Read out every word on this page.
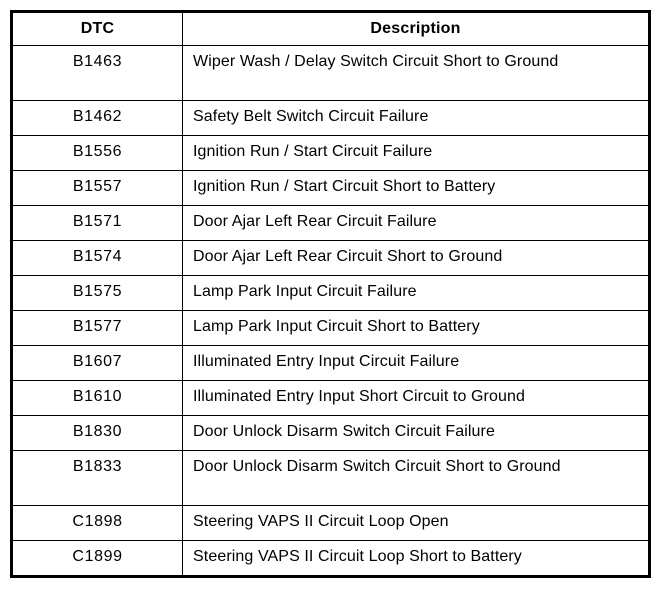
DTC	Description
B1463	Wiper Wash / Delay Switch Circuit Short to Ground
B1462	Safety Belt Switch Circuit Failure
B1556	Ignition Run / Start Circuit Failure
B1557	Ignition Run / Start Circuit Short to Battery
B1571	Door Ajar Left Rear Circuit Failure
B1574	Door Ajar Left Rear Circuit Short to Ground
B1575	Lamp Park Input Circuit Failure
B1577	Lamp Park Input Circuit Short to Battery
B1607	Illuminated Entry Input Circuit Failure
B1610	Illuminated Entry Input Short Circuit to Ground
B1830	Door Unlock Disarm Switch Circuit Failure
B1833	Door Unlock Disarm Switch Circuit Short to Ground
C1898	Steering VAPS II Circuit Loop Open
C1899	Steering VAPS II Circuit Loop Short to Battery
